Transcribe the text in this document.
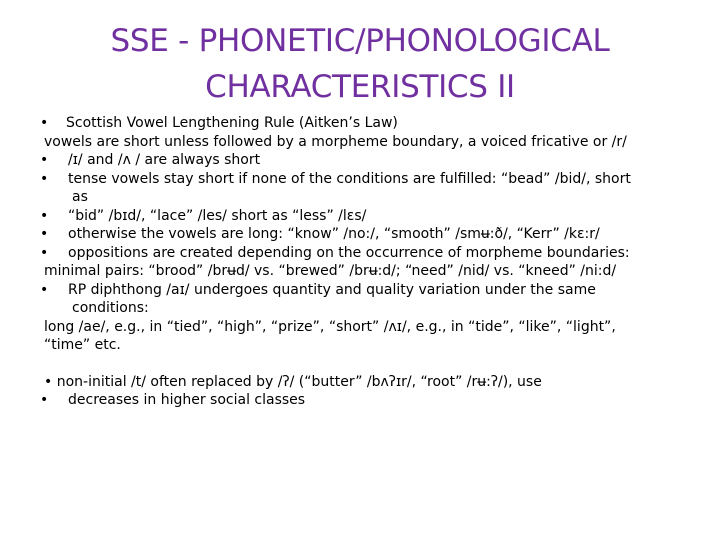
SSE - PHONETIC/PHONOLOGICAL
CHARACTERISTICS II
• Scottish Vowel Lengthening Rule (Aitken’s Law)
vowels are short unless followed by a morpheme boundary, a voiced fricative or /r/
• /ɪ/ and /ʌ / are always short
• tense vowels stay short if none of the conditions are fulfilled: “bead” /bid/, short
as
• “bid” /bɪd/, “lace” /les/ short as “less” /lɛs/
• otherwise the vowels are long: “know” /no:/, “smooth” /smʉ:ð/, “Kerr” /kɛ:r/
• oppositions are created depending on the occurrence of morpheme boundaries:
minimal pairs: “brood” /brʉd/ vs. “brewed” /brʉ:d/; “need” /nid/ vs. “kneed” /ni:d/
• RP diphthong /aɪ/ undergoes quantity and quality variation under the same
conditions:
long /ae/, e.g., in “tied”, “high”, “prize”, “short” /ʌɪ/, e.g., in “tide”, “like”, “light”,
“time” etc.
• non-initial /t/ often replaced by /ʔ/ (“butter” /bʌʔɪr/, “root” /rʉ:ʔ/), use
• decreases in higher social classes
